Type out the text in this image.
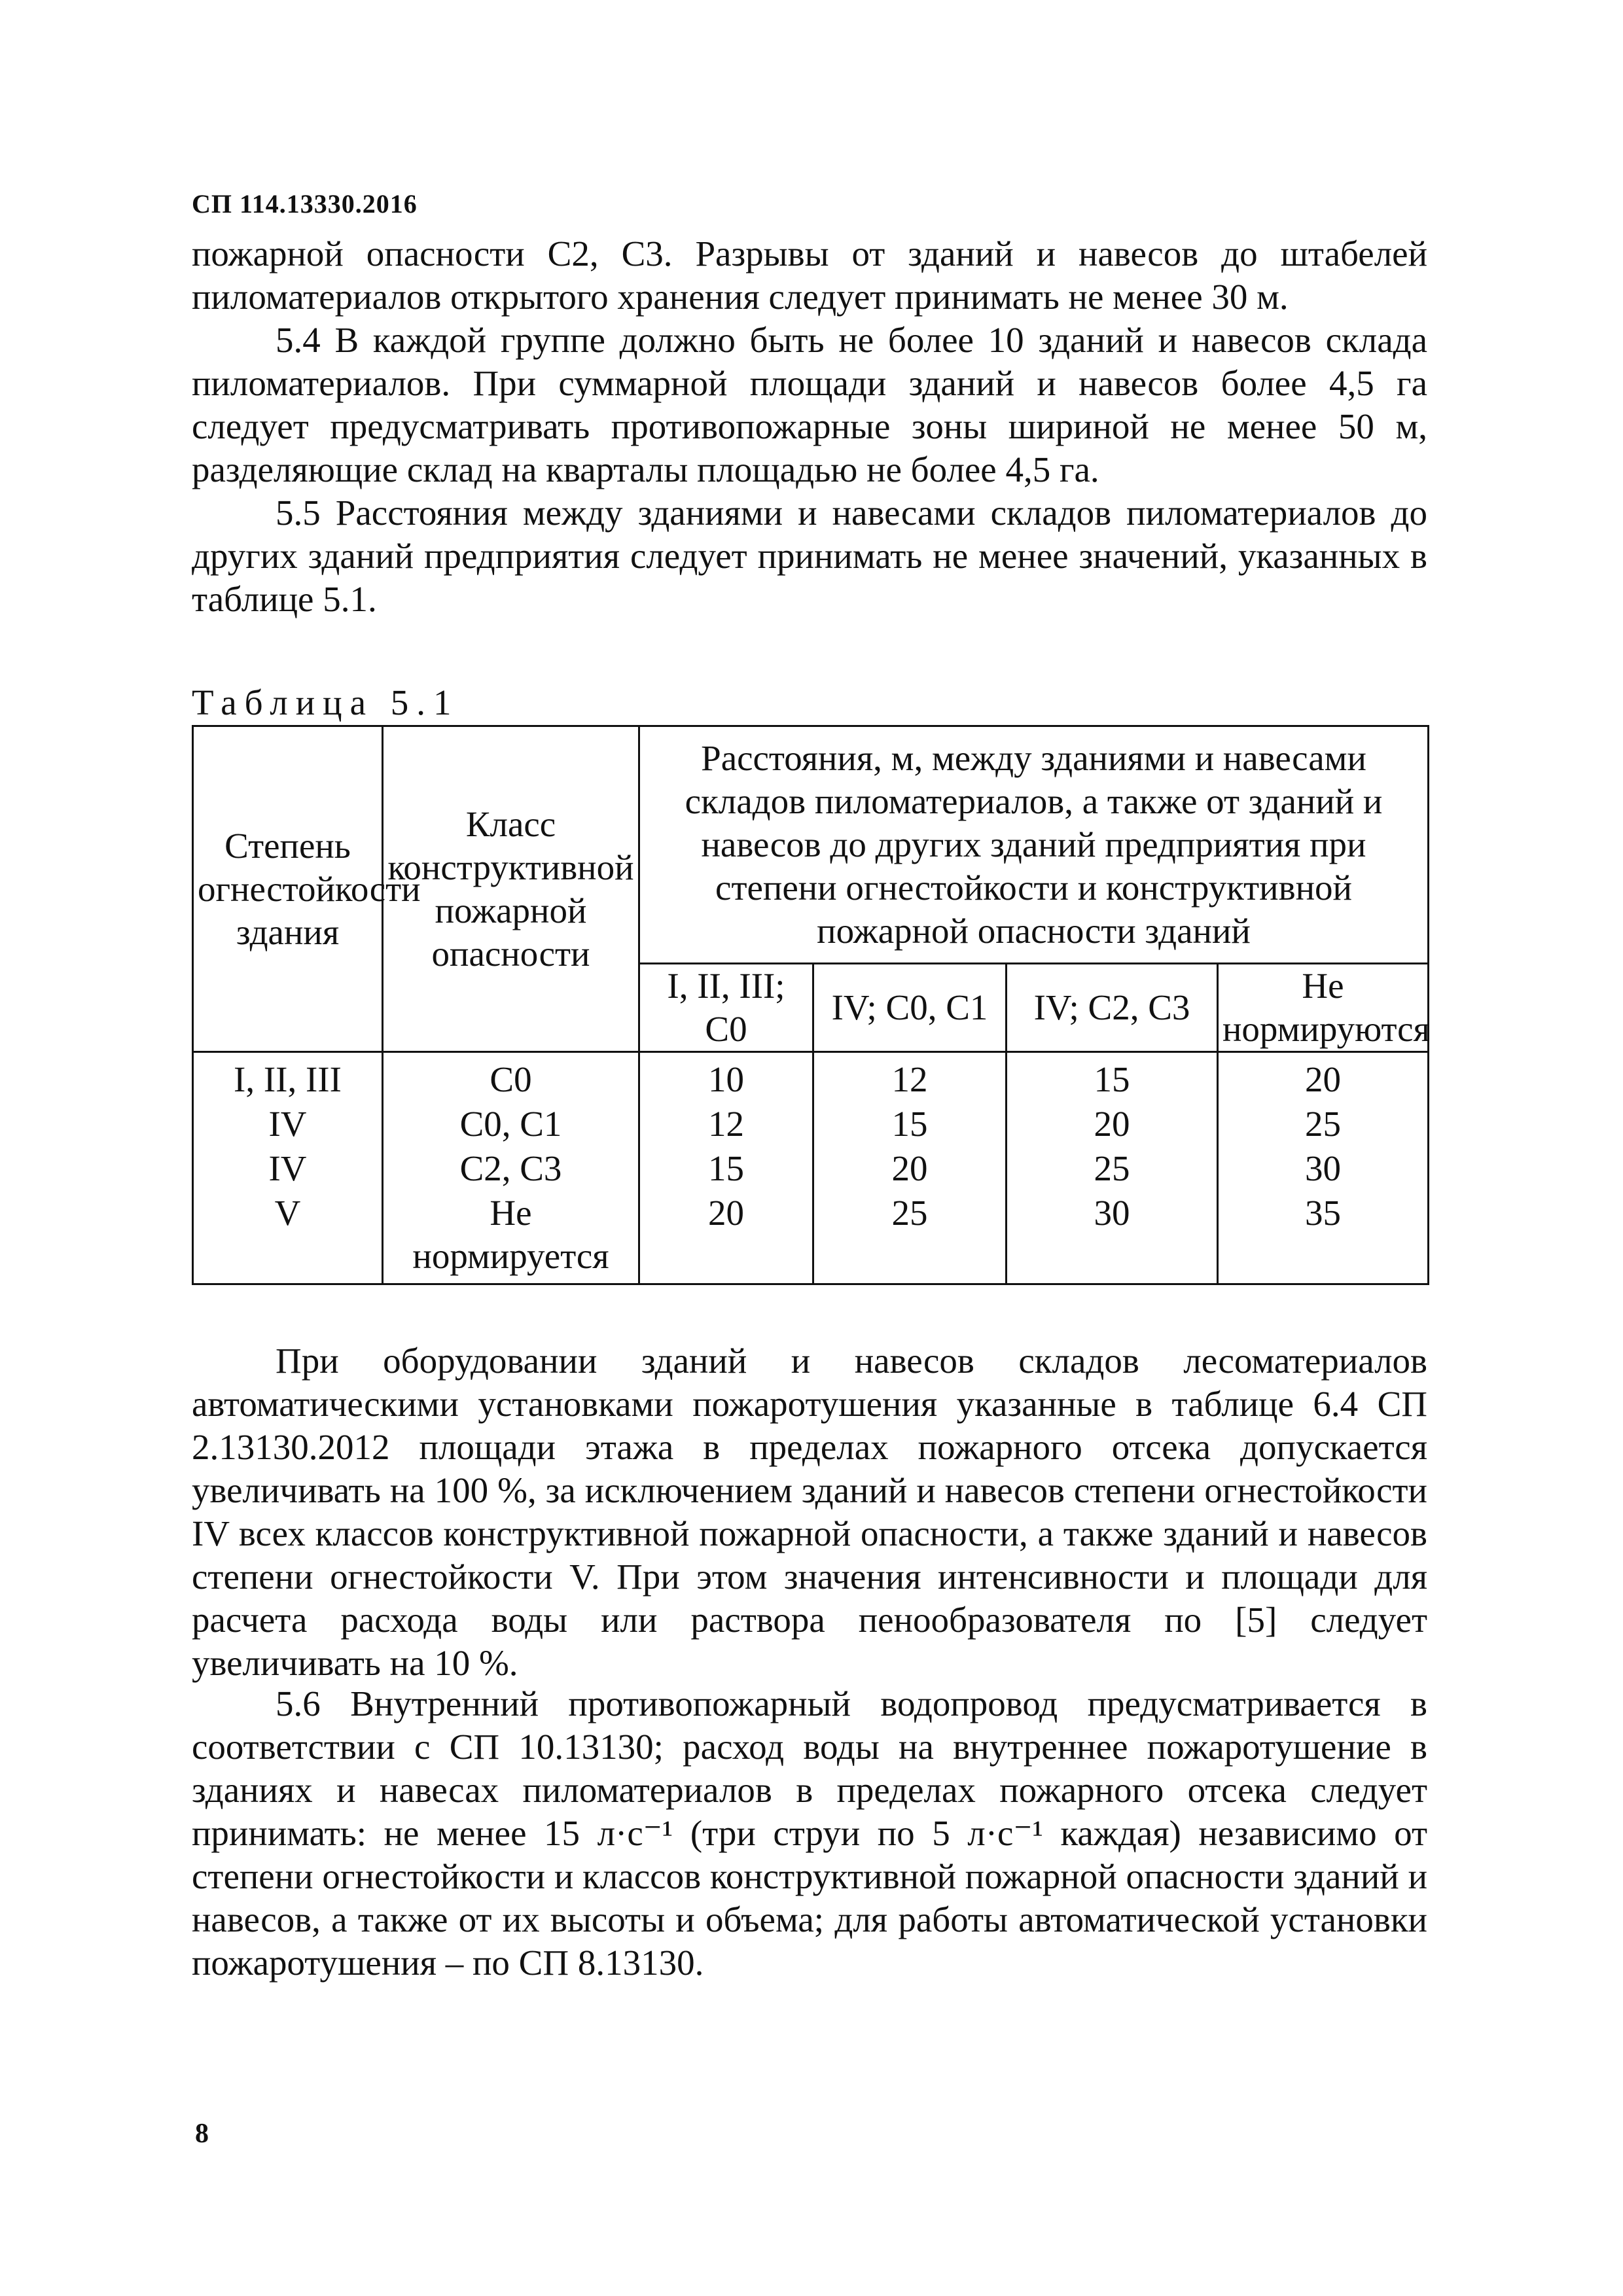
СП 114.13330.2016

пожарной опасности С2, С3. Разрывы от зданий и навесов до штабелей пиломатериалов открытого хранения следует принимать не менее 30 м.

5.4 В каждой группе должно быть не более 10 зданий и навесов склада пиломатериалов. При суммарной площади зданий и навесов более 4,5 га следует предусматривать противопожарные зоны шириной не менее 50 м, разделяющие склад на кварталы площадью не более 4,5 га.

5.5 Расстояния между зданиями и навесами складов пиломатериалов до других зданий предприятия следует принимать не менее значений, указанных в таблице 5.1.

Таблица 5.1
Степень огнестойкости здания	Класс конструктивной пожарной опасности	Расстояния, м, между зданиями и навесами складов пиломатериалов, а также от зданий и навесов до других зданий предприятия при степени огнестойкости и конструктивной пожарной опасности зданий			
		I, II, III; С0	IV; С0, С1	IV; С2, С3	Не нормируются
I, II, III	С0	10	12	15	20
IV	С0, С1	12	15	20	25
IV	С2, С3	15	20	25	30
V	Не нормируется	20	25	30	35

При оборудовании зданий и навесов складов лесоматериалов автоматическими установками пожаротушения указанные в таблице 6.4 СП 2.13130.2012 площади этажа в пределах пожарного отсека допускается увеличивать на 100 %, за исключением зданий и навесов степени огнестойкости IV всех классов конструктивной пожарной опасности, а также зданий и навесов степени огнестойкости V. При этом значения интенсивности и площади для расчета расхода воды или раствора пенообразователя по [5] следует увеличивать на 10 %.

5.6 Внутренний противопожарный водопровод предусматривается в соответствии с СП 10.13130; расход воды на внутреннее пожаротушение в зданиях и навесах пиломатериалов в пределах пожарного отсека следует принимать: не менее 15 л·с⁻¹ (три струи по 5 л·с⁻¹ каждая) независимо от степени огнестойкости и классов конструктивной пожарной опасности зданий и навесов, а также от их высоты и объема; для работы автоматической установки пожаротушения – по СП 8.13130.

8
